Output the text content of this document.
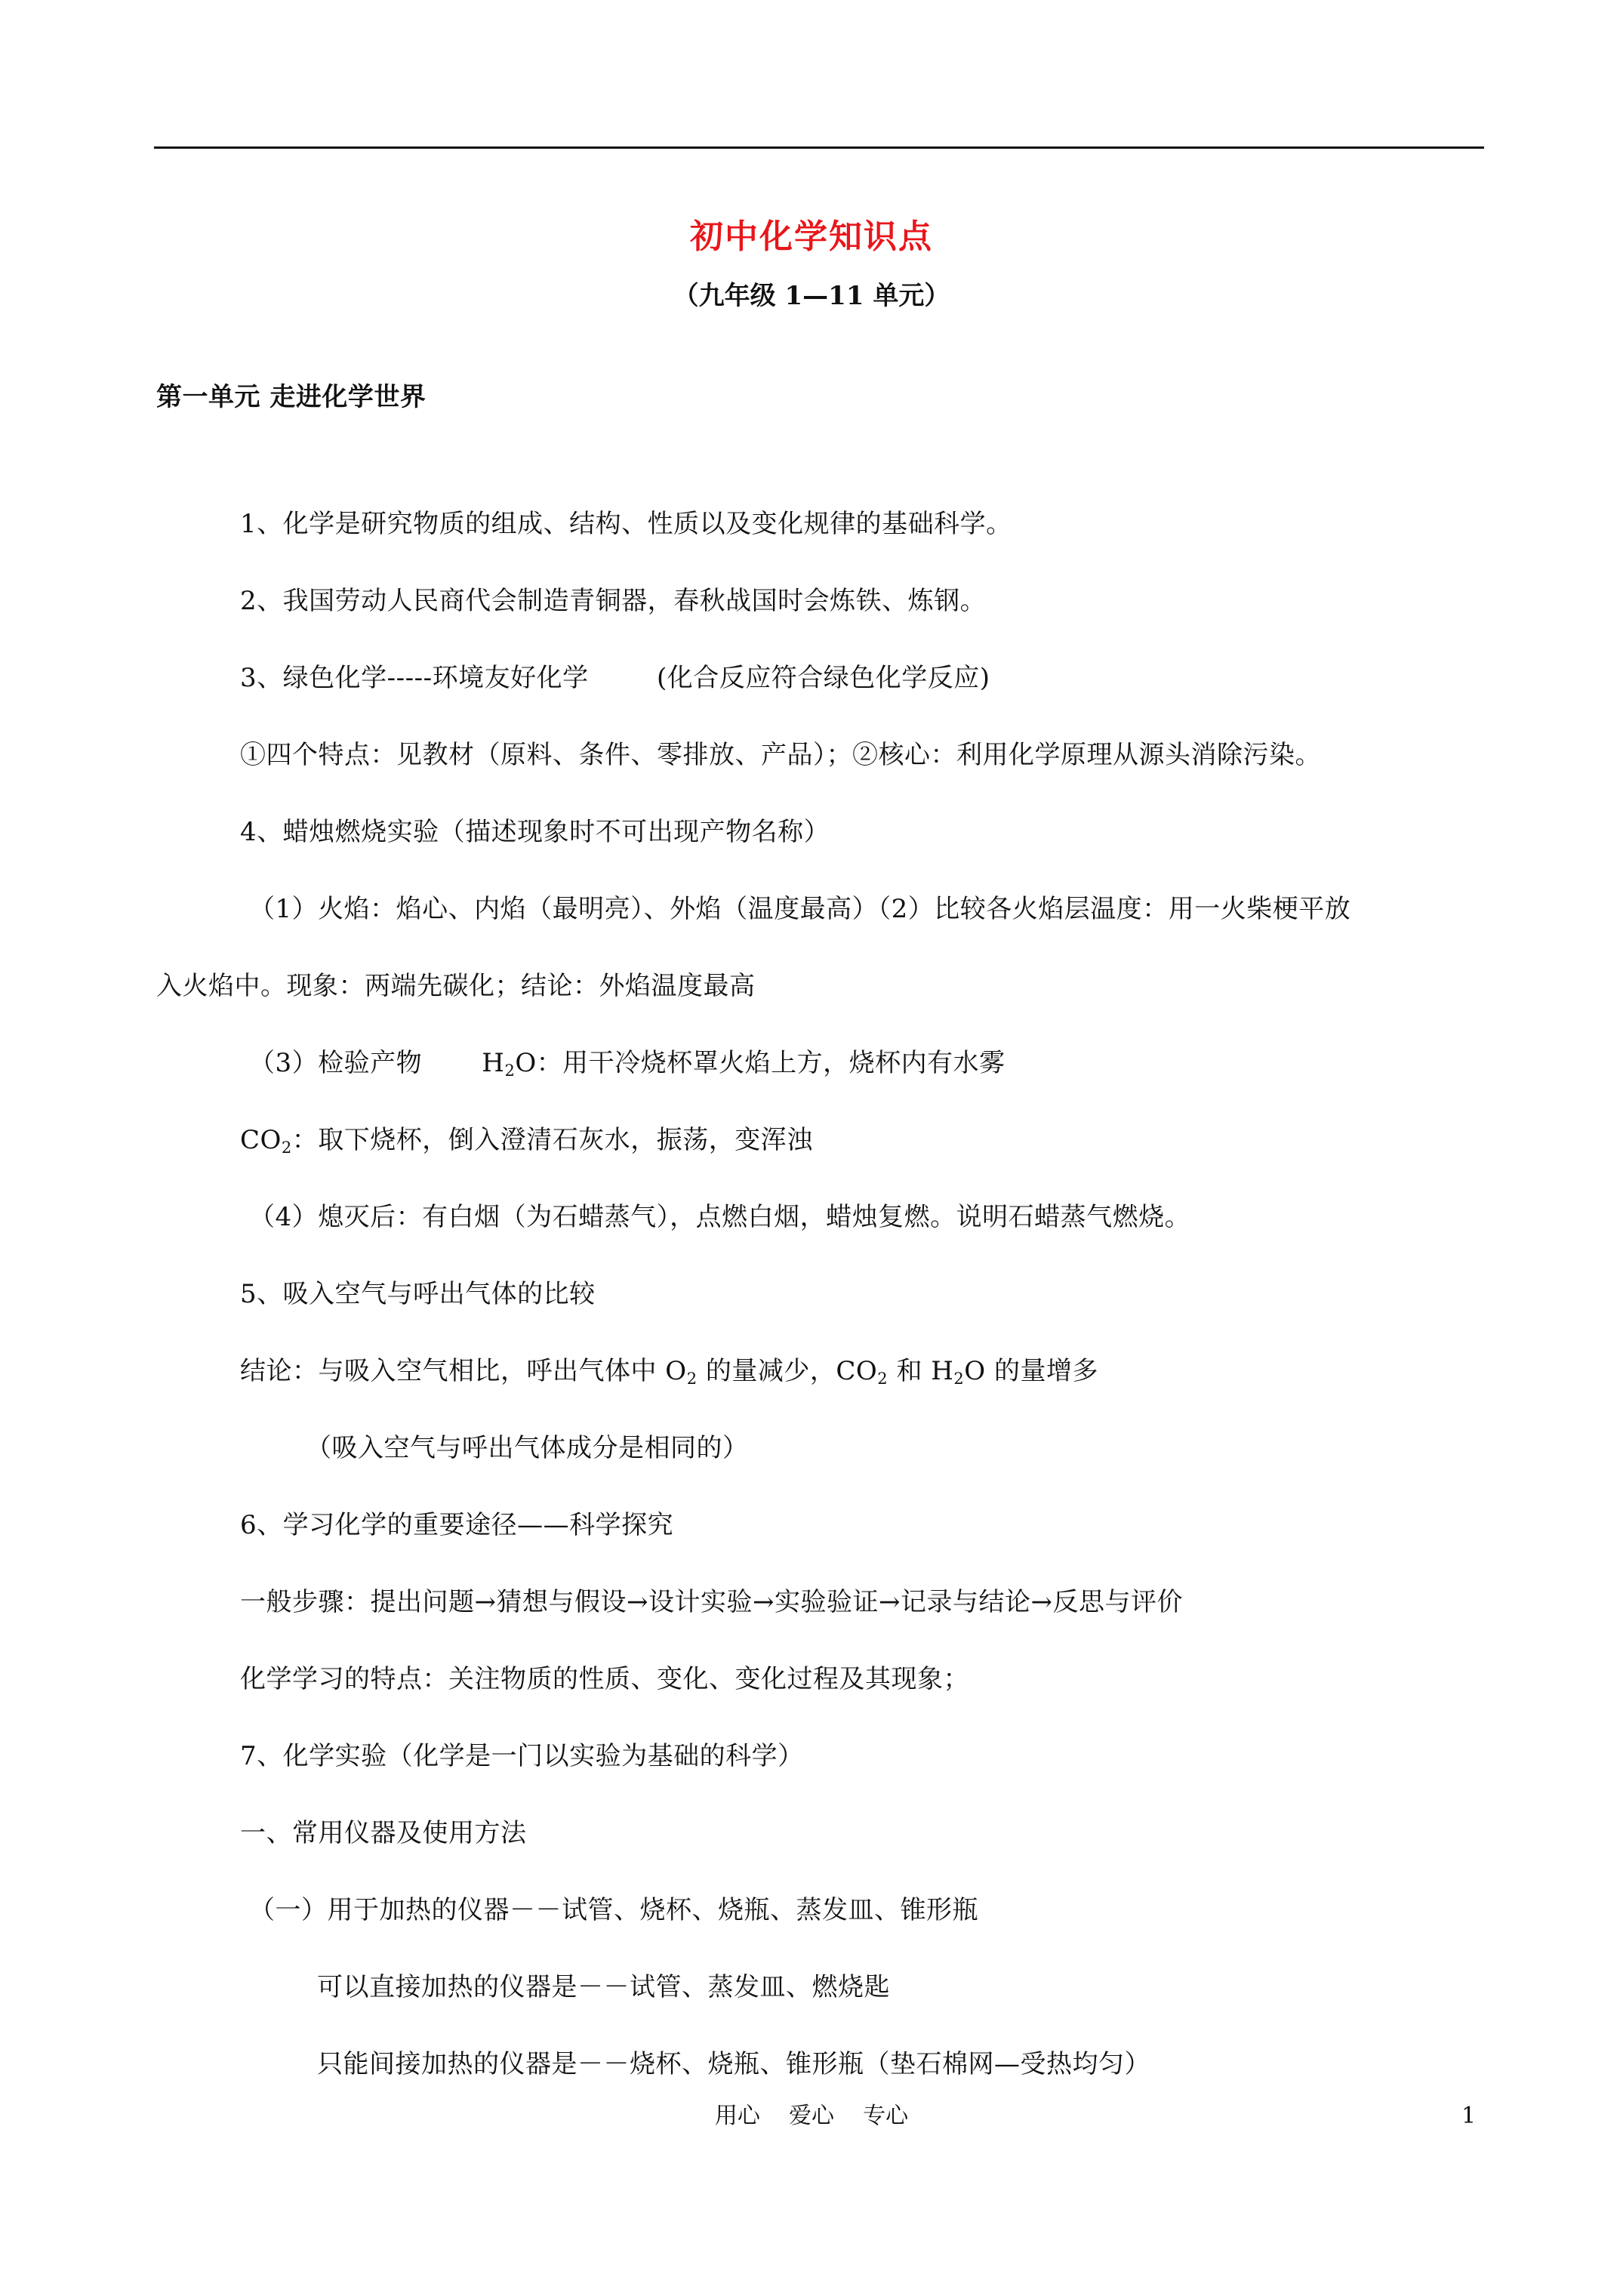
初中化学知识点
（九年级 1—11 单元）
第一单元 走进化学世界
1、化学是研究物质的组成、结构、性质以及变化规律的基础科学。
2、我国劳动人民商代会制造青铜器，春秋战国时会炼铁、炼钢。
3、绿色化学-----环境友好化学        (化合反应符合绿色化学反应)
①四个特点：见教材（原料、条件、零排放、产品）；②核心：利用化学原理从源头消除污染。
4、蜡烛燃烧实验（描述现象时不可出现产物名称）
（1）火焰：焰心、内焰（最明亮）、外焰（温度最高）（2）比较各火焰层温度：用一火柴梗平放
入火焰中。现象：两端先碳化；结论：外焰温度最高
（3）检验产物       $H_2O$：用干冷烧杯罩火焰上方，烧杯内有水雾
$CO_2$：取下烧杯，倒入澄清石灰水，振荡，变浑浊
（4）熄灭后：有白烟（为石蜡蒸气），点燃白烟，蜡烛复燃。说明石蜡蒸气燃烧。
5、吸入空气与呼出气体的比较
结论：与吸入空气相比，呼出气体中 $O_2$ 的量减少，$CO_2$ 和 $H_2O$ 的量增多
（吸入空气与呼出气体成分是相同的）
6、学习化学的重要途径——科学探究
一般步骤：提出问题→猜想与假设→设计实验→实验验证→记录与结论→反思与评价
化学学习的特点：关注物质的性质、变化、变化过程及其现象；
7、化学实验（化学是一门以实验为基础的科学）
一、常用仪器及使用方法
（一）用于加热的仪器－－试管、烧杯、烧瓶、蒸发皿、锥形瓶
可以直接加热的仪器是－－试管、蒸发皿、燃烧匙
只能间接加热的仪器是－－烧杯、烧瓶、锥形瓶（垫石棉网—受热均匀）
用心    爱心    专心	1
